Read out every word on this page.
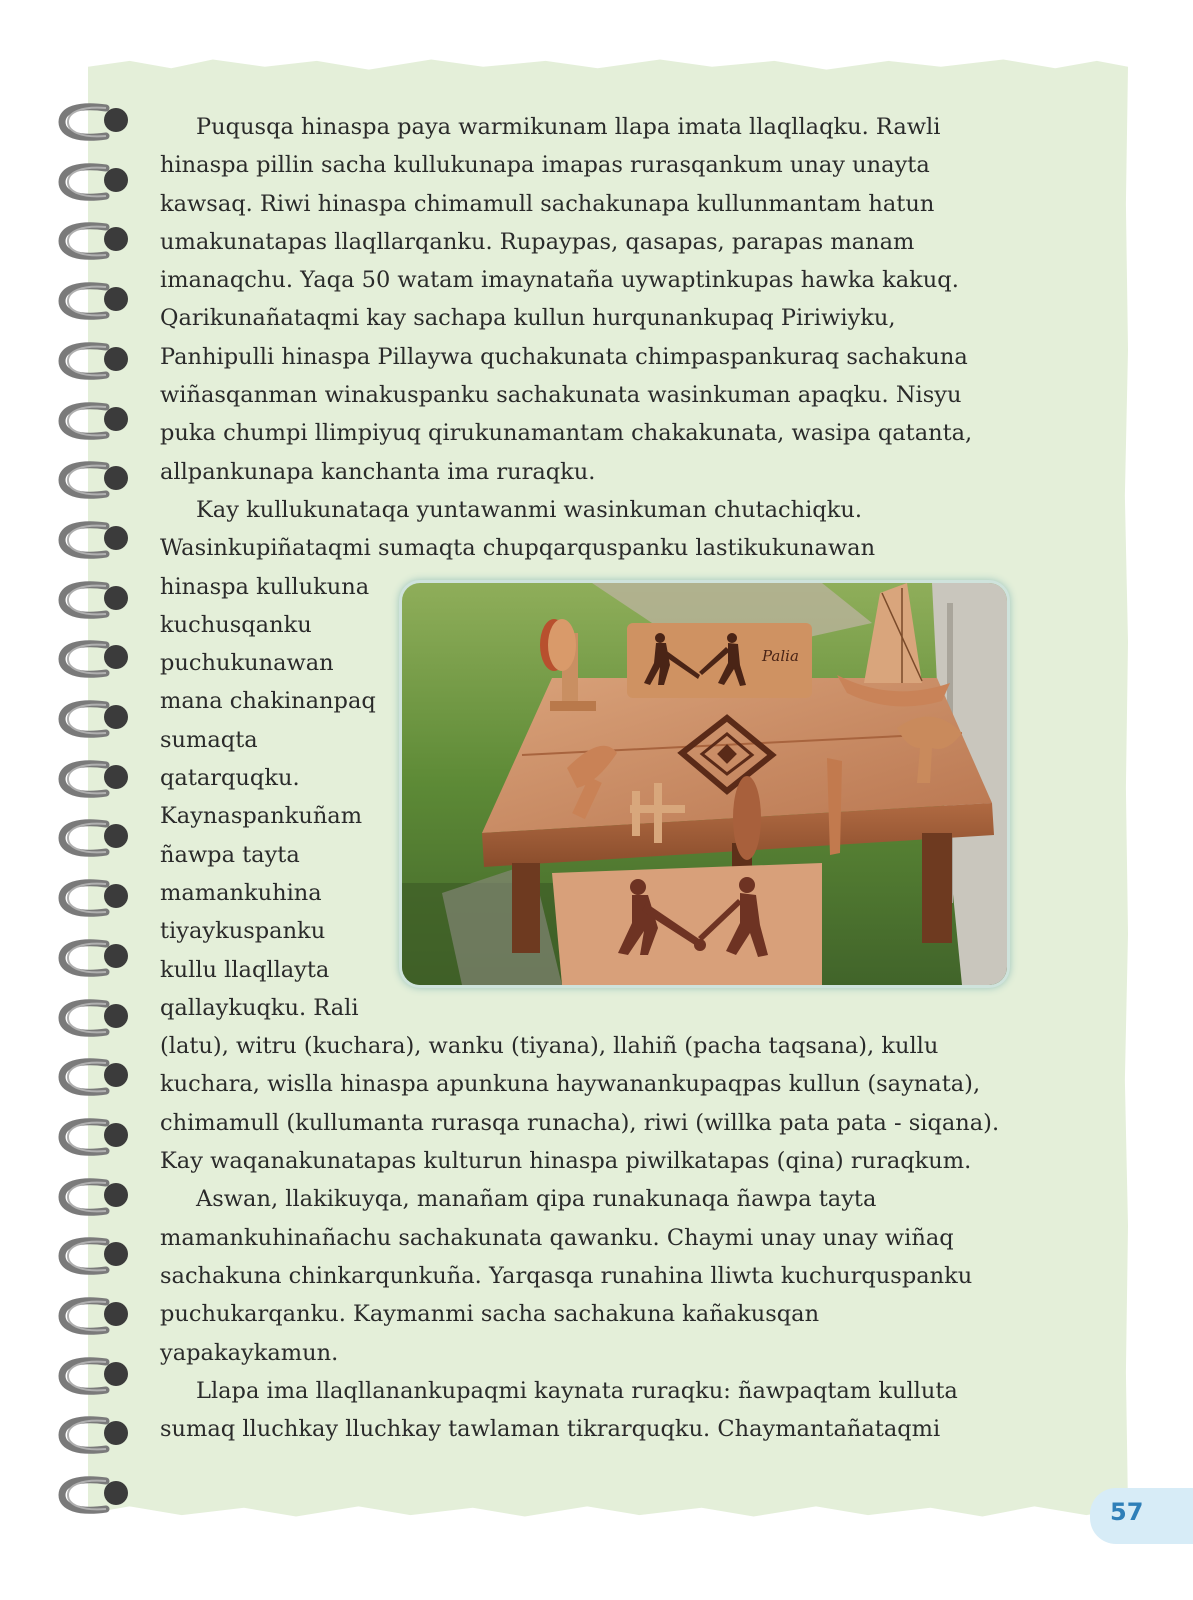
Puqusqa hinaspa paya warmikunam llapa imata llaqllaqku. Rawli

hinaspa pillin sacha kullukunapa imapas rurasqankum unay unayta

kawsaq. Riwi hinaspa chimamull sachakunapa kullunmantam hatun

umakunatapas llaqllarqanku. Rupaypas, qasapas, parapas manam

imanaqchu. Yaqa 50 watam imaynataña uywaptinkupas hawka kakuq.

Qarikunañataqmi kay sachapa kullun hurqunankupaq Piriwiyku,

Panhipulli hinaspa Pillaywa quchakunata chimpaspankuraq sachakuna

wiñasqanman winakuspanku sachakunata wasinkuman apaqku. Nisyu

puka chumpi llimpiyuq qirukunamantam chakakunata, wasipa qatanta,

allpankunapa kanchanta ima ruraqku.

Kay kullukunataqa yuntawanmi wasinkuman chutachiqku.

Wasinkupiñataqmi sumaqta chupqarquspanku lastikukunawan

hinaspa kullukuna

kuchusqanku

puchukunawan

mana chakinanpaq

sumaqta

qatarquqku.

Kaynaspankuñam

ñawpa tayta

mamankuhina

tiyaykuspanku

kullu llaqllayta

qallaykuqku. Rali

(latu), witru (kuchara), wanku (tiyana), llahiñ (pacha taqsana), kullu

kuchara, wislla hinaspa apunkuna haywanankupaqpas kullun (saynata),

chimamull (kullumanta rurasqa runacha), riwi (willka pata pata - siqana).

Kay waqanakunatapas kulturun hinaspa piwilkatapas (qina) ruraqkum.

Aswan, llakikuyqa, manañam qipa runakunaqa ñawpa tayta

mamankuhinañachu sachakunata qawanku. Chaymi unay unay wiñaq

sachakuna chinkarqunkuña. Yarqasqa runahina lliwta kuchurquspanku

puchukarqanku. Kaymanmi sacha sachakuna kañakusqan

yapakaykamun.

Llapa ima llaqllanankupaqmi kaynata ruraqku: ñawpaqtam kulluta

sumaq lluchkay lluchkay tawlaman tikrarquqku. Chaymantañataqmi

Palia
57
